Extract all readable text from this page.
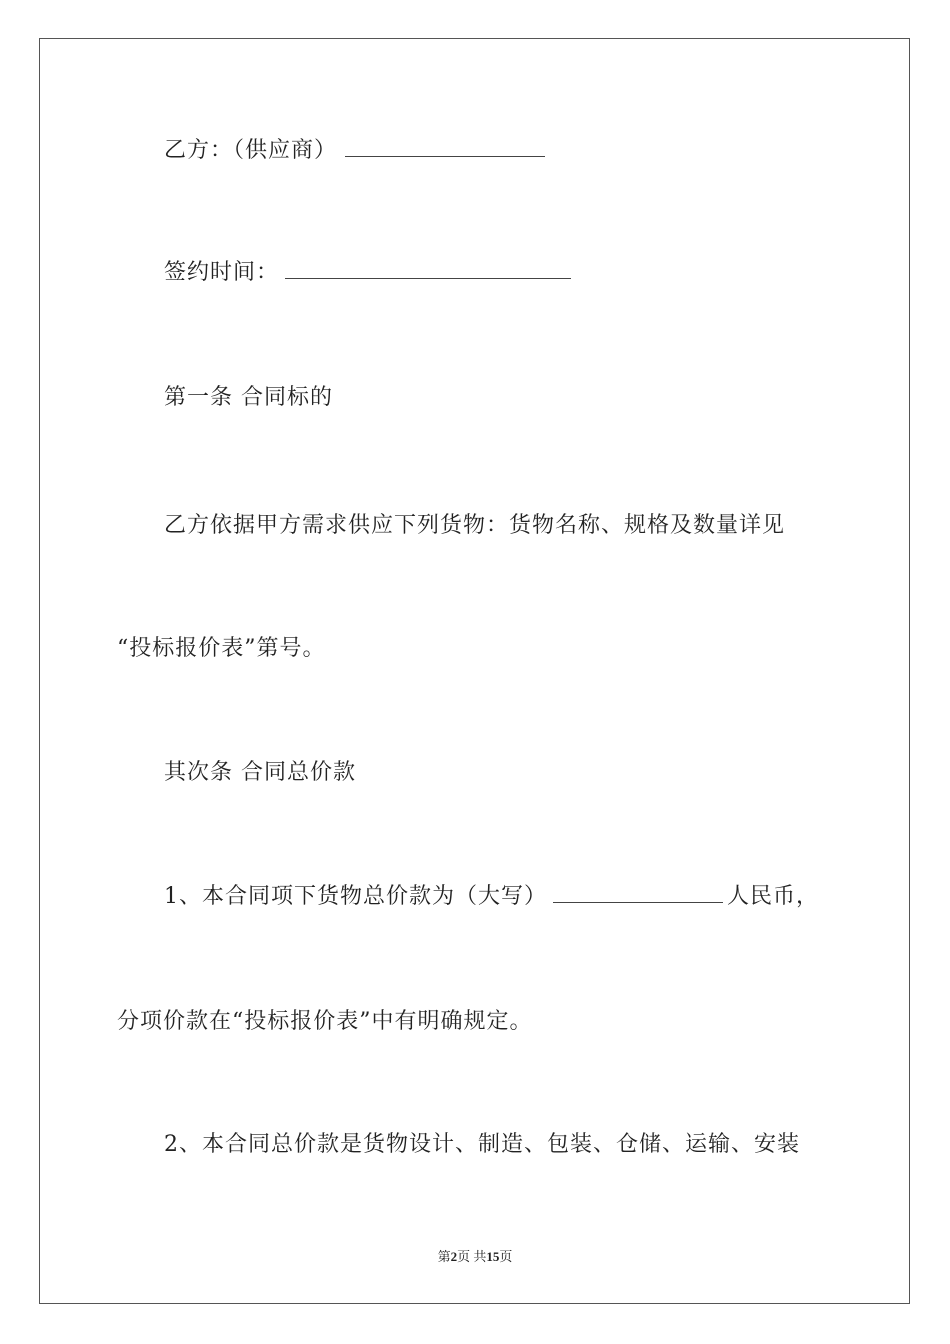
乙方：（供应商）
签约时间：
第一条 合同标的
乙方依据甲方需求供应下列货物：货物名称、规格及数量详见
“投标报价表”第号。
其次条 合同总价款
1、本合同项下货物总价款为（大写）	人民币，
分项价款在“投标报价表”中有明确规定。
2、本合同总价款是货物设计、制造、包装、仓储、运输、安装
第2页 共15页
